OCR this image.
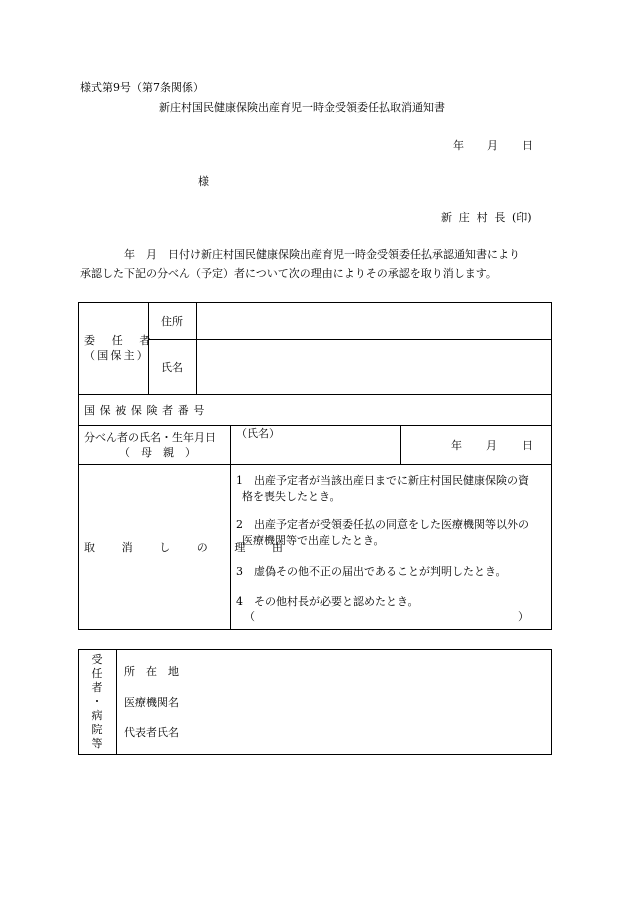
様式第9号（第7条関係）
新庄村国民健康保険出産育児一時金受領委任払取消通知書
年 月 日
様
新 庄 村 長 (印)
年　月　日付け新庄村国民健康保険出産育児一時金受領委任払承認通知書により
承認した下記の分べん（予定）者について次の理由によりその承認を取り消します。
委 任 者
（国保主）
住所
氏名
国保被保険者番号
分べん者の氏名・生年月日
（　母　親　）
（氏名）
年 月 日
取 消 し の 理 由
1　出産予定者が当該出産日までに新庄村国民健康保険の資
格を喪失したとき。
2　出産予定者が受領委任払の同意をした医療機関等以外の
医療機関等で出産したとき。
3　虚偽その他不正の届出であることが判明したとき。
4　その他村長が必要と認めたとき。
（	）
受
任
者
・
病
院
等
所　在　地
医療機関名
代表者氏名
